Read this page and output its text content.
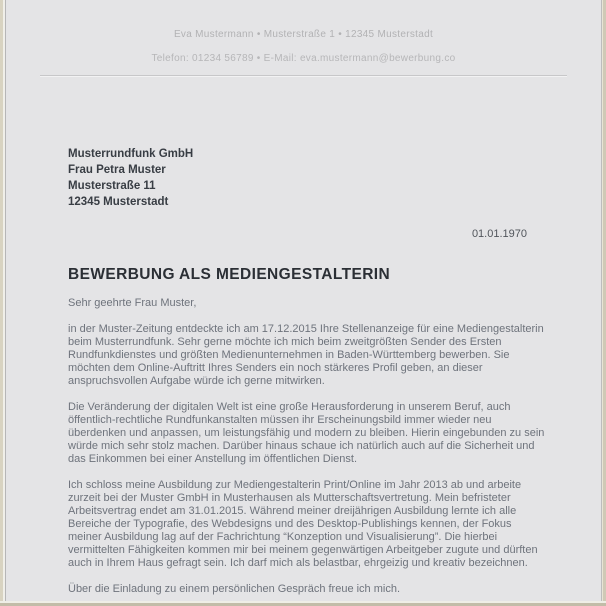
Eva Mustermann • Musterstraße 1 • 12345 Musterstadt
Telefon: 01234 56789 • E-Mail: eva.mustermann@bewerbung.co
Musterrundfunk GmbH
Frau Petra Muster
Musterstraße 11
12345 Musterstadt
01.01.1970
BEWERBUNG ALS MEDIENGESTALTERIN

Sehr geehrte Frau Muster,

in der Muster-Zeitung entdeckte ich am 17.12.2015 Ihre Stellenanzeige für eine Mediengestalterin beim Musterrundfunk. Sehr gerne möchte ich mich beim zweitgrößten Sender des Ersten Rundfunkdienstes und größten Medienunternehmen in Baden-Württemberg bewerben. Sie möchten dem Online-Auftritt Ihres Senders ein noch stärkeres Profil geben, an dieser anspruchsvollen Aufgabe würde ich gerne mitwirken.

Die Veränderung der digitalen Welt ist eine große Herausforderung in unserem Beruf, auch öffentlich-rechtliche Rundfunkanstalten müssen ihr Erscheinungsbild immer wieder neu überdenken und anpassen, um leistungsfähig und modern zu bleiben. Hierin eingebunden zu sein würde mich sehr stolz machen. Darüber hinaus schaue ich natürlich auch auf die Sicherheit und das Einkommen bei einer Anstellung im öffentlichen Dienst.

Ich schloss meine Ausbildung zur Mediengestalterin Print/Online im Jahr 2013 ab und arbeite zurzeit bei der Muster GmbH in Musterhausen als Mutterschaftsvertretung. Mein befristeter Arbeitsvertrag endet am 31.01.2015. Während meiner dreijährigen Ausbildung lernte ich alle Bereiche der Typografie, des Webdesigns und des Desktop-Publishings kennen, der Fokus meiner Ausbildung lag auf der Fachrichtung “Konzeption und Visualisierung”. Die hierbei vermittelten Fähigkeiten kommen mir bei meinem gegenwärtigen Arbeitgeber zugute und dürften auch in Ihrem Haus gefragt sein. Ich darf mich als belastbar, ehrgeizig und kreativ bezeichnen.

Über die Einladung zu einem persönlichen Gespräch freue ich mich.
